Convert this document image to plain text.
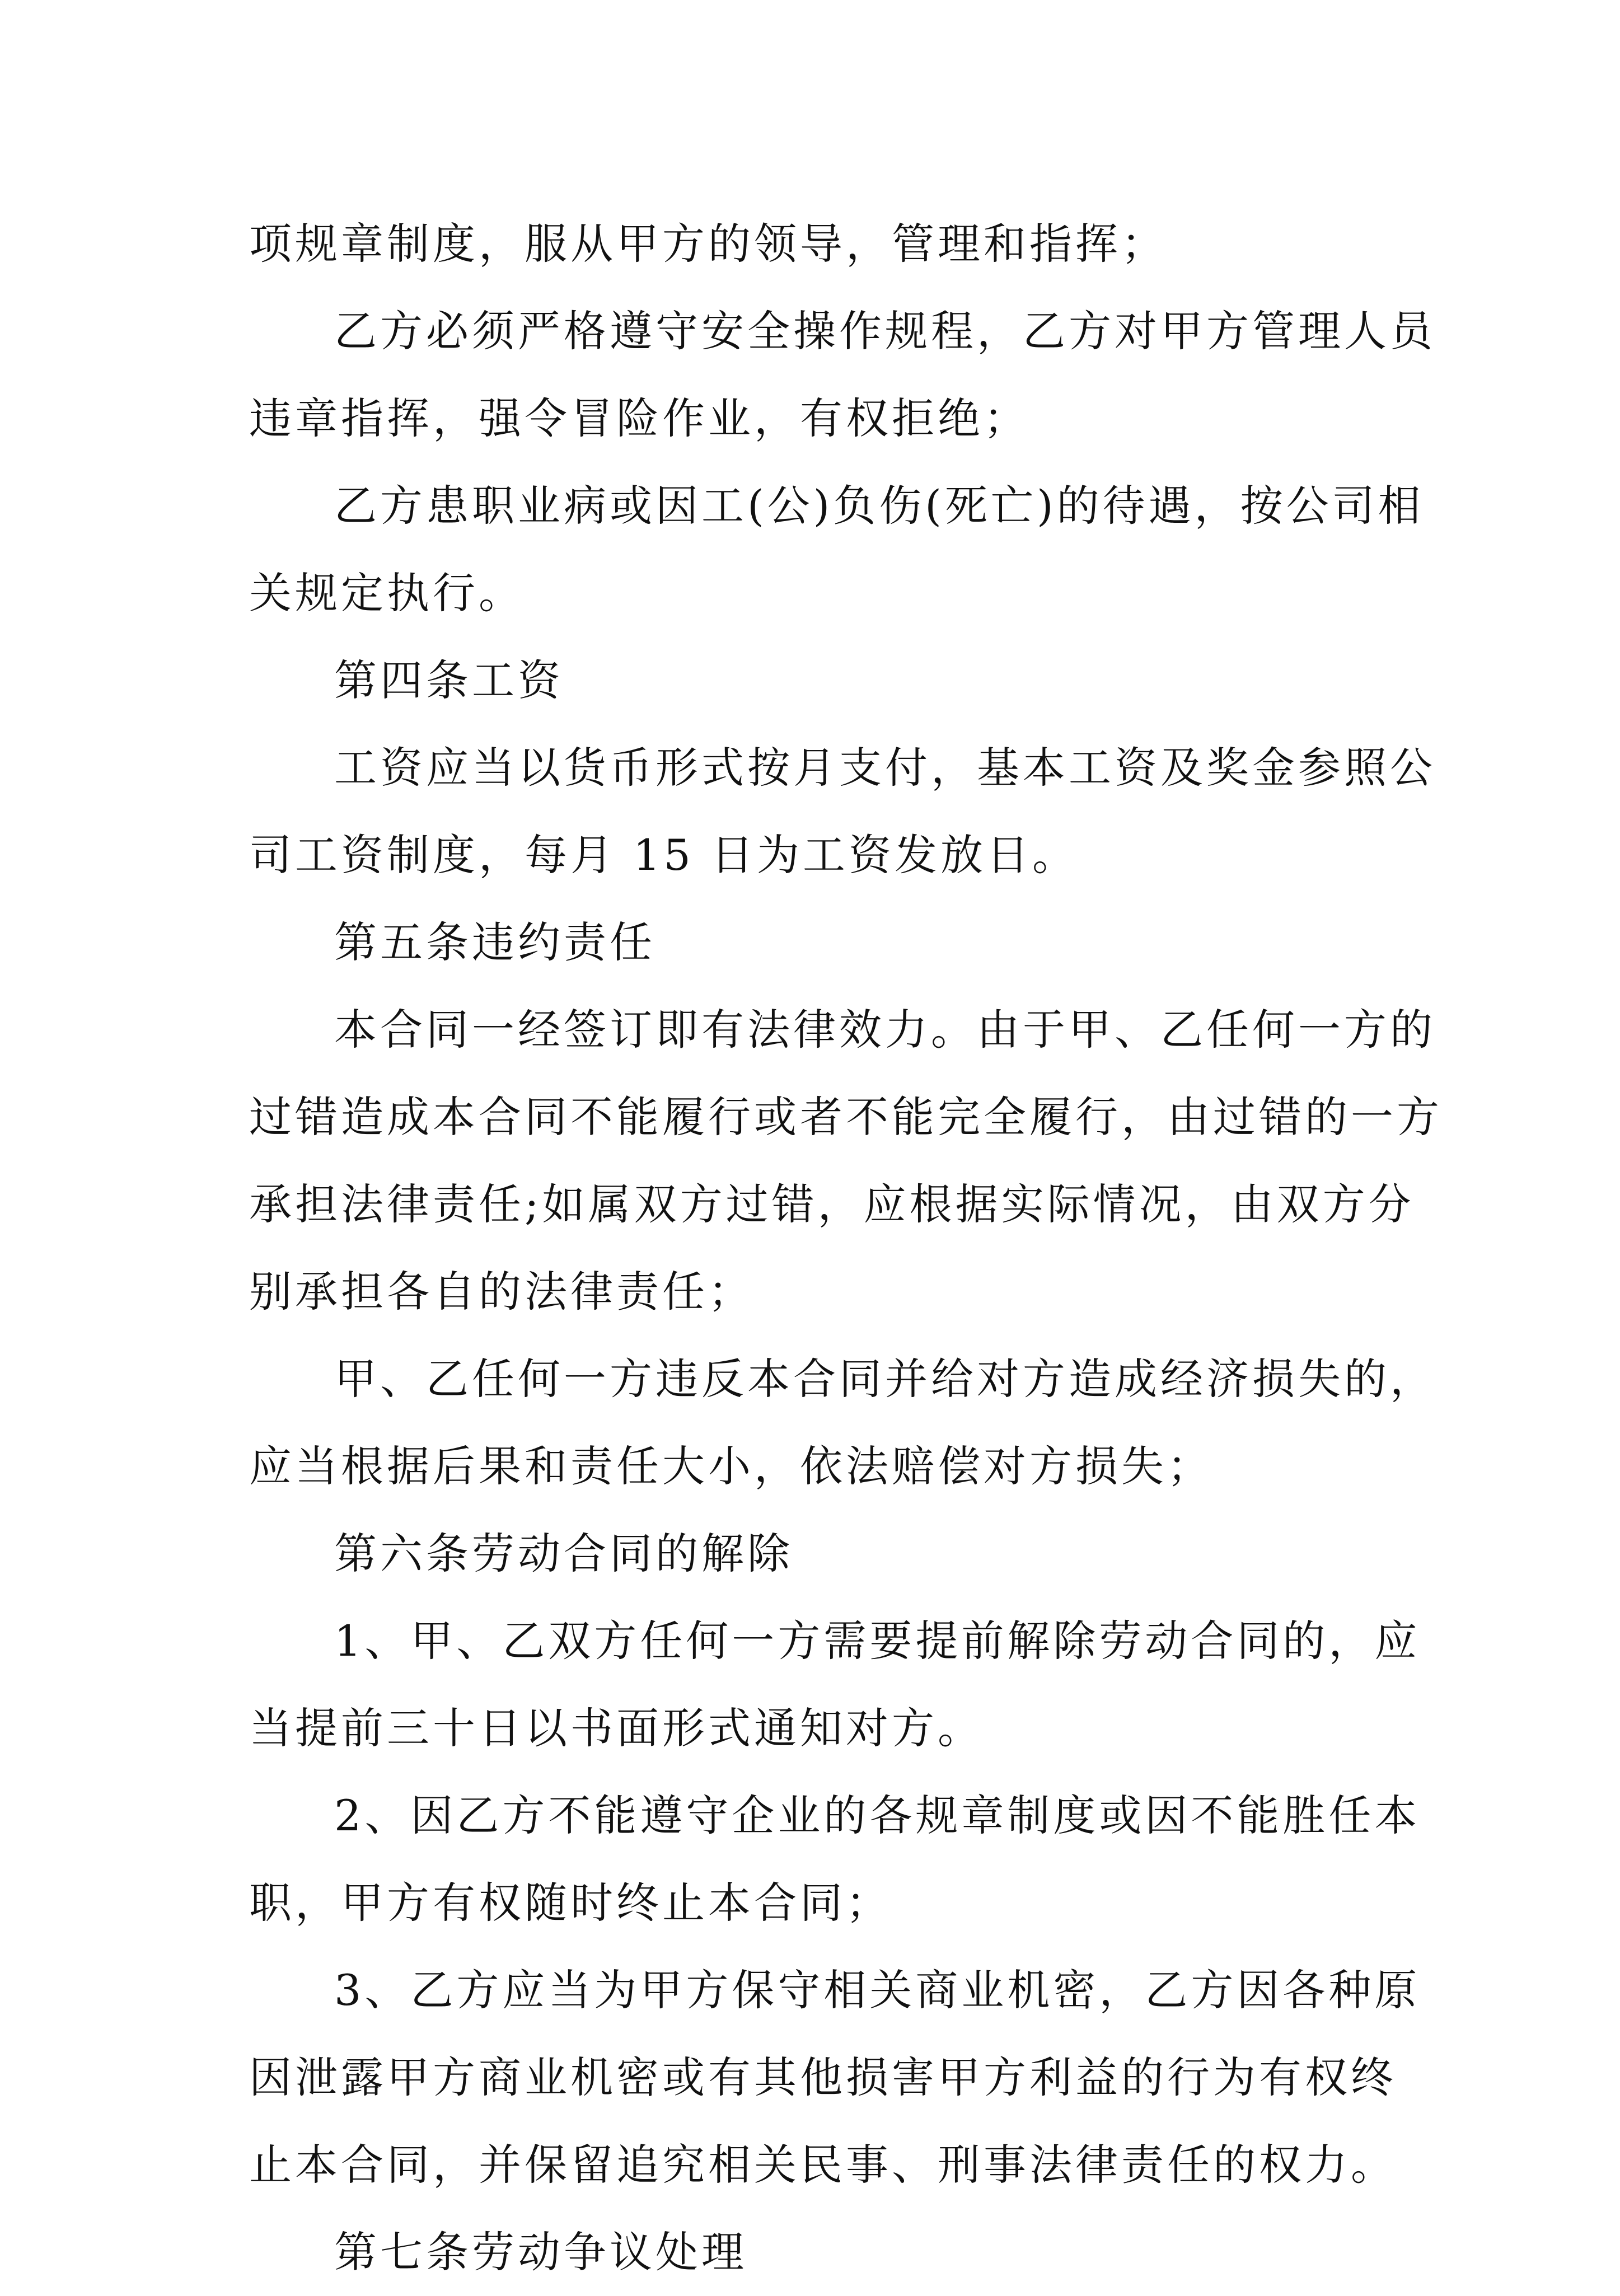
项规章制度，服从甲方的领导，管理和指挥；
乙方必须严格遵守安全操作规程，乙方对甲方管理人员
违章指挥，强令冒险作业，有权拒绝；
乙方患职业病或因工(公)负伤(死亡)的待遇，按公司相
关规定执行。
第四条工资
工资应当以货币形式按月支付，基本工资及奖金参照公
司工资制度，每月 15 日为工资发放日。
第五条违约责任
本合同一经签订即有法律效力。由于甲、乙任何一方的
过错造成本合同不能履行或者不能完全履行，由过错的一方
承担法律责任;如属双方过错，应根据实际情况，由双方分
别承担各自的法律责任；
甲、乙任何一方违反本合同并给对方造成经济损失的，
应当根据后果和责任大小，依法赔偿对方损失；
第六条劳动合同的解除
1、甲、乙双方任何一方需要提前解除劳动合同的，应
当提前三十日以书面形式通知对方。
2、因乙方不能遵守企业的各规章制度或因不能胜任本
职，甲方有权随时终止本合同；
3、乙方应当为甲方保守相关商业机密，乙方因各种原
因泄露甲方商业机密或有其他损害甲方利益的行为有权终
止本合同，并保留追究相关民事、刑事法律责任的权力。
第七条劳动争议处理
